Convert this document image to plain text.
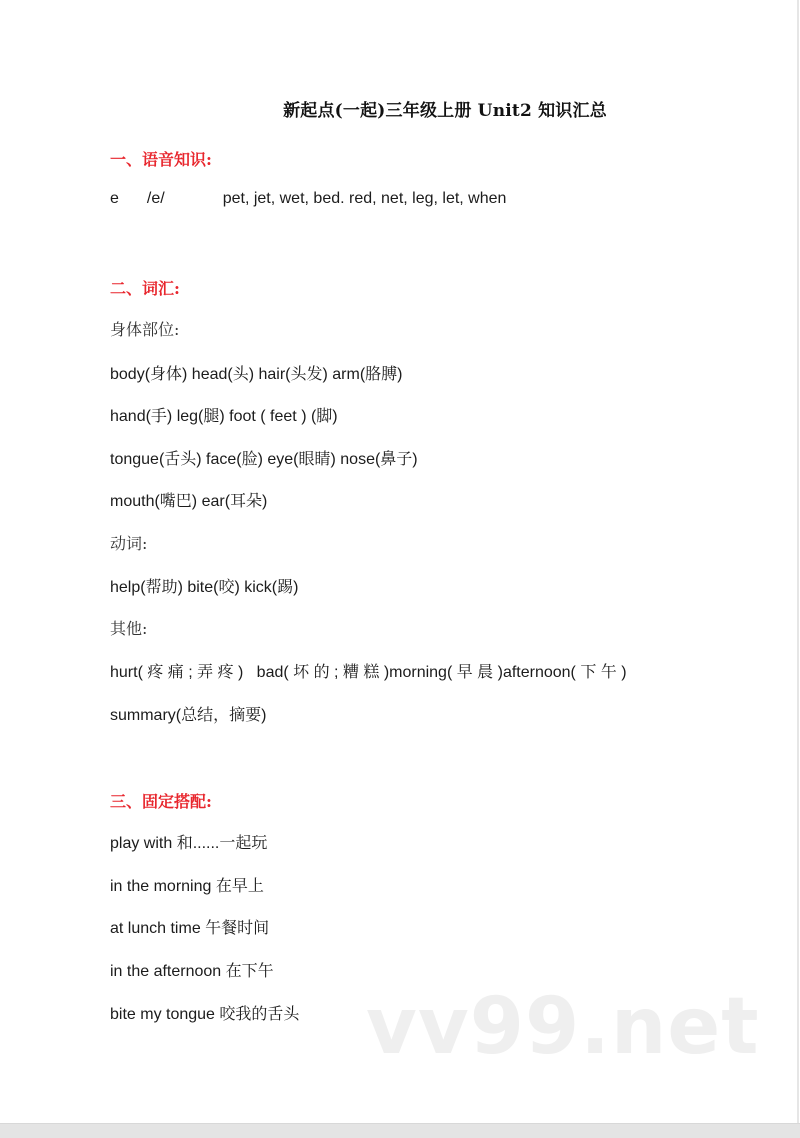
新起点(一起)三年级上册 Unit2 知识汇总
一、语音知识:
e /e/	pet, jet, wet, bed. red, net, leg, let, when
二、词汇:
身体部位:
body(身体) head(头) hair(头发) arm(胳膊)
hand(手) leg(腿) foot ( feet ) (脚)
tongue(舌头) face(脸) eye(眼睛) nose(鼻子)
mouth(嘴巴) ear(耳朵)
动词:
help(帮助) bite(咬) kick(踢)
其他:
hurt( 疼 痛 ; 弄 疼 )   bad( 坏 的 ; 糟 糕 )morning( 早 晨 )afternoon( 下 午 )
summary(总结，摘要)
三、固定搭配:
play with 和......一起玩
in the morning 在早上
at lunch time 午餐时间
in the afternoon 在下午
bite my tongue 咬我的舌头 vv99.net
